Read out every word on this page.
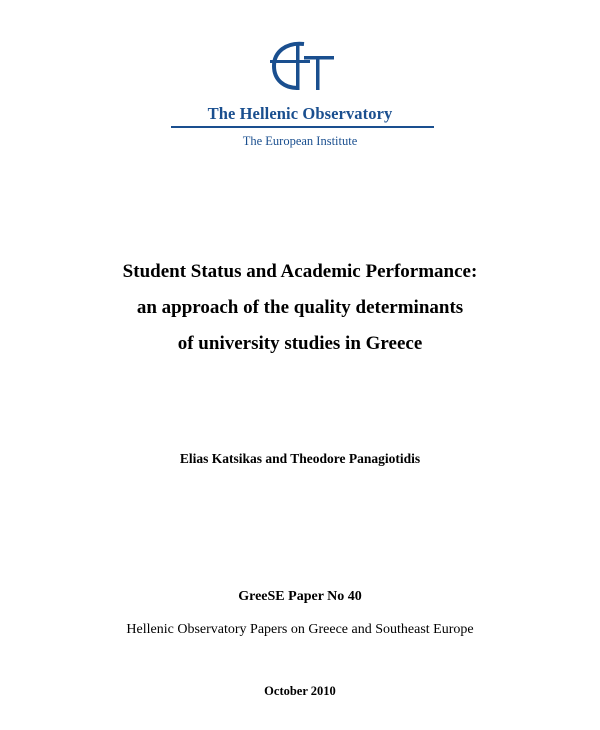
The Hellenic Observatory
The European Institute
Student Status and Academic Performance:
an approach of the quality determinants
of university studies in Greece
Elias Katsikas and Theodore Panagiotidis
GreeSE Paper No 40
Hellenic Observatory Papers on Greece and Southeast Europe
October 2010
